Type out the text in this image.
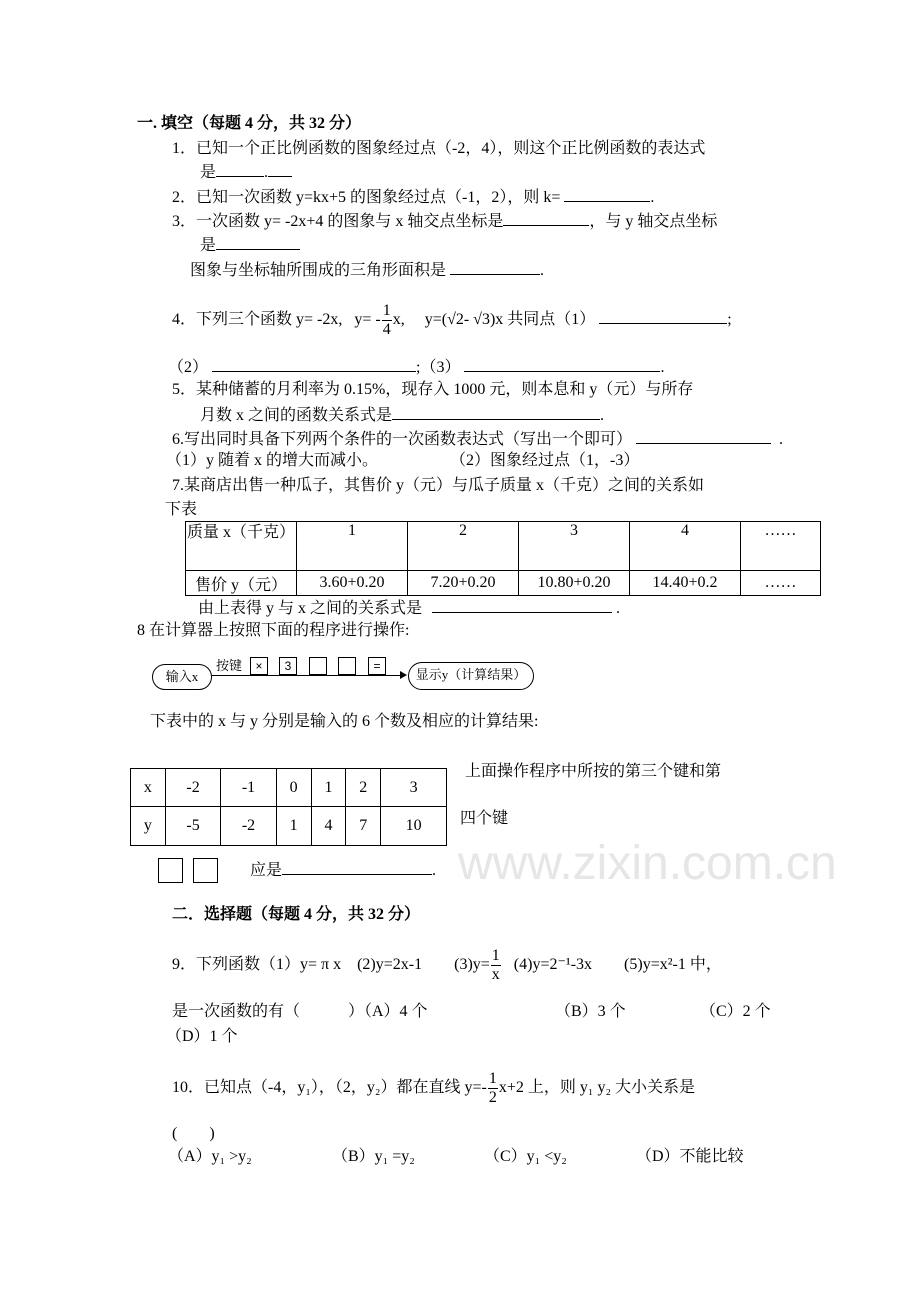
www.zixin.com.cn
一. 填空（每题 4 分，共 32 分）
1．已知一个正比例函数的图象经过点（-2，4），则这个正比例函数的表达式
是	.
2．已知一次函数 y=kx+5 的图象经过点（-1，2），则 k=	.
3．一次函数 y= -2x+4 的图象与 x 轴交点坐标是	，与 y 轴交点坐标
是
图象与坐标轴所围成的三角形面积是	.
4．下列三个函数 y= -2x, $y= - \frac{1}{4} x$, y=(√2- √3)x 共同点（1）	;
（2）	;（3）	.
5．某种储蓄的月利率为 0.15%，现存入 1000 元，则本息和 y（元）与所存
月数 x 之间的函数关系式是	.
6.写出同时具备下列两个条件的一次函数表达式（写出一个即可）	.
（1）y 随着 x 的增大而减小。	（2）图象经过点（1，-3）
7.某商店出售一种瓜子，其售价 y（元）与瓜子质量 x（千克）之间的关系如
下表
质量 x（千克）	1	2	3	4	……
售价 y（元）	3.60+0.20	7.20+0.20	10.80+0.20	14.40+0.2	……
由上表得 y 与 x 之间的关系式是	.
8 在计算器上按照下面的程序进行操作:
输入x
按键	×	3	=
显示y（计算结果）
下表中的 x 与 y 分别是输入的 6 个数及相应的计算结果:
x	-2	-1	0	1	2	3
y	-5	-2	1	4	7	10
上面操作程序中所按的第三个键和第
四个键
应是	.
二．选择题（每题 4 分，共 32 分）
9．下列函数（1）y= π x　(2)y=2x-1　　$(3)y= \frac{1}{x} (4)y=2^{-1}-3x$　　(5)y=x²-1 中，
是一次函数的有（　　　）（A）4 个	（B）3 个	（C）2 个
（D）1 个
10．已知点（-4，y₁），（2，y₂）都在直线 $y=- \frac{1}{2} x+2$ 上，则 y₁ y₂ 大小关系是
(　　)
（A）y₁ >y₂	（B）y₁ =y₂	（C）y₁ <y₂	（D）不能比较
